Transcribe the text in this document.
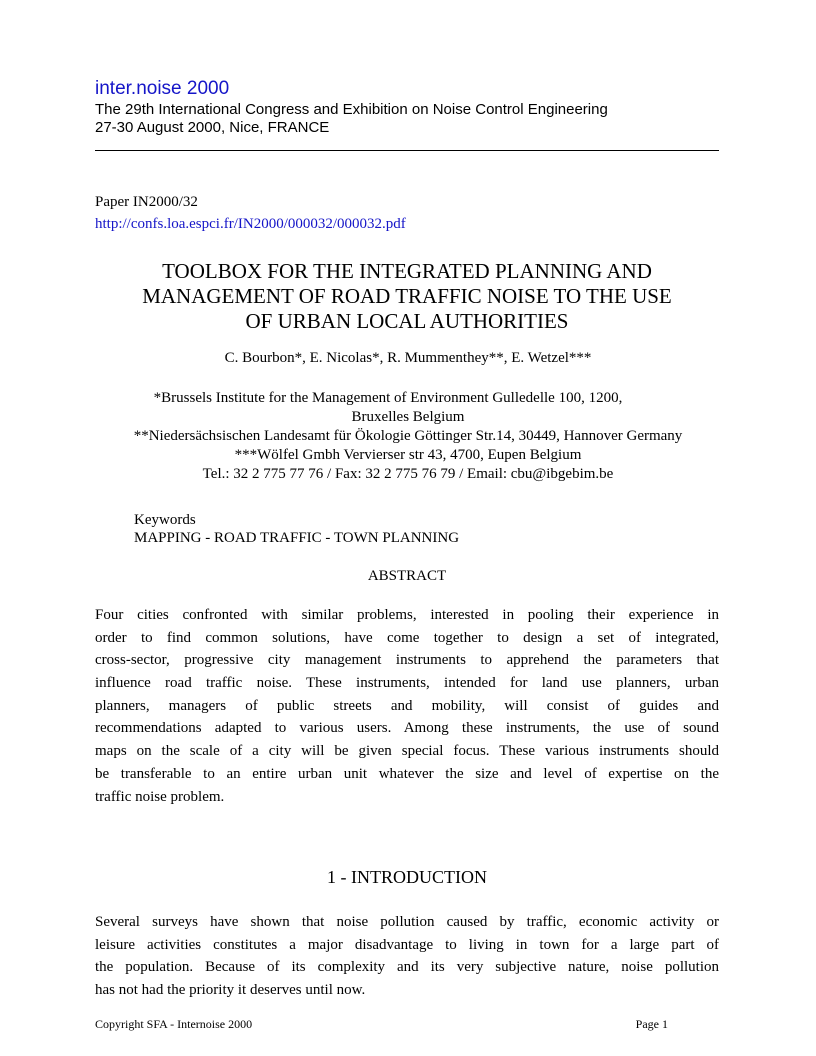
inter.noise 2000
The 29th International Congress and Exhibition on Noise Control Engineering
27-30 August 2000, Nice, FRANCE
Paper IN2000/32
http://confs.loa.espci.fr/IN2000/000032/000032.pdf
TOOLBOX FOR THE INTEGRATED PLANNING AND
MANAGEMENT OF ROAD TRAFFIC NOISE TO THE USE
OF URBAN LOCAL AUTHORITIES
C. Bourbon*, E. Nicolas*, R. Mummenthey**, E. Wetzel***
*Brussels Institute for the Management of Environment Gulledelle 100, 1200,
Bruxelles Belgium
**Niedersächsischen Landesamt für Ökologie Göttinger Str.14, 30449, Hannover Germany
***Wölfel Gmbh Vervierser str 43, 4700, Eupen Belgium
Tel.: 32 2 775 77 76 / Fax: 32 2 775 76 79 / Email: cbu@ibgebim.be
Keywords
MAPPING - ROAD TRAFFIC - TOWN PLANNING
ABSTRACT
Four cities confronted with similar problems, interested in pooling their experience in
order to find common solutions, have come together to design a set of integrated,
cross-sector, progressive city management instruments to apprehend the parameters that
influence road traffic noise. These instruments, intended for land use planners, urban
planners, managers of public streets and mobility, will consist of guides and
recommendations adapted to various users. Among these instruments, the use of sound
maps on the scale of a city will be given special focus. These various instruments should
be transferable to an entire urban unit whatever the size and level of expertise on the
traffic noise problem.
1 - INTRODUCTION
Several surveys have shown that noise pollution caused by traffic, economic activity or
leisure activities constitutes a major disadvantage to living in town for a large part of
the population. Because of its complexity and its very subjective nature, noise pollution
has not had the priority it deserves until now.
Copyright SFA - Internoise 2000	Page 1
